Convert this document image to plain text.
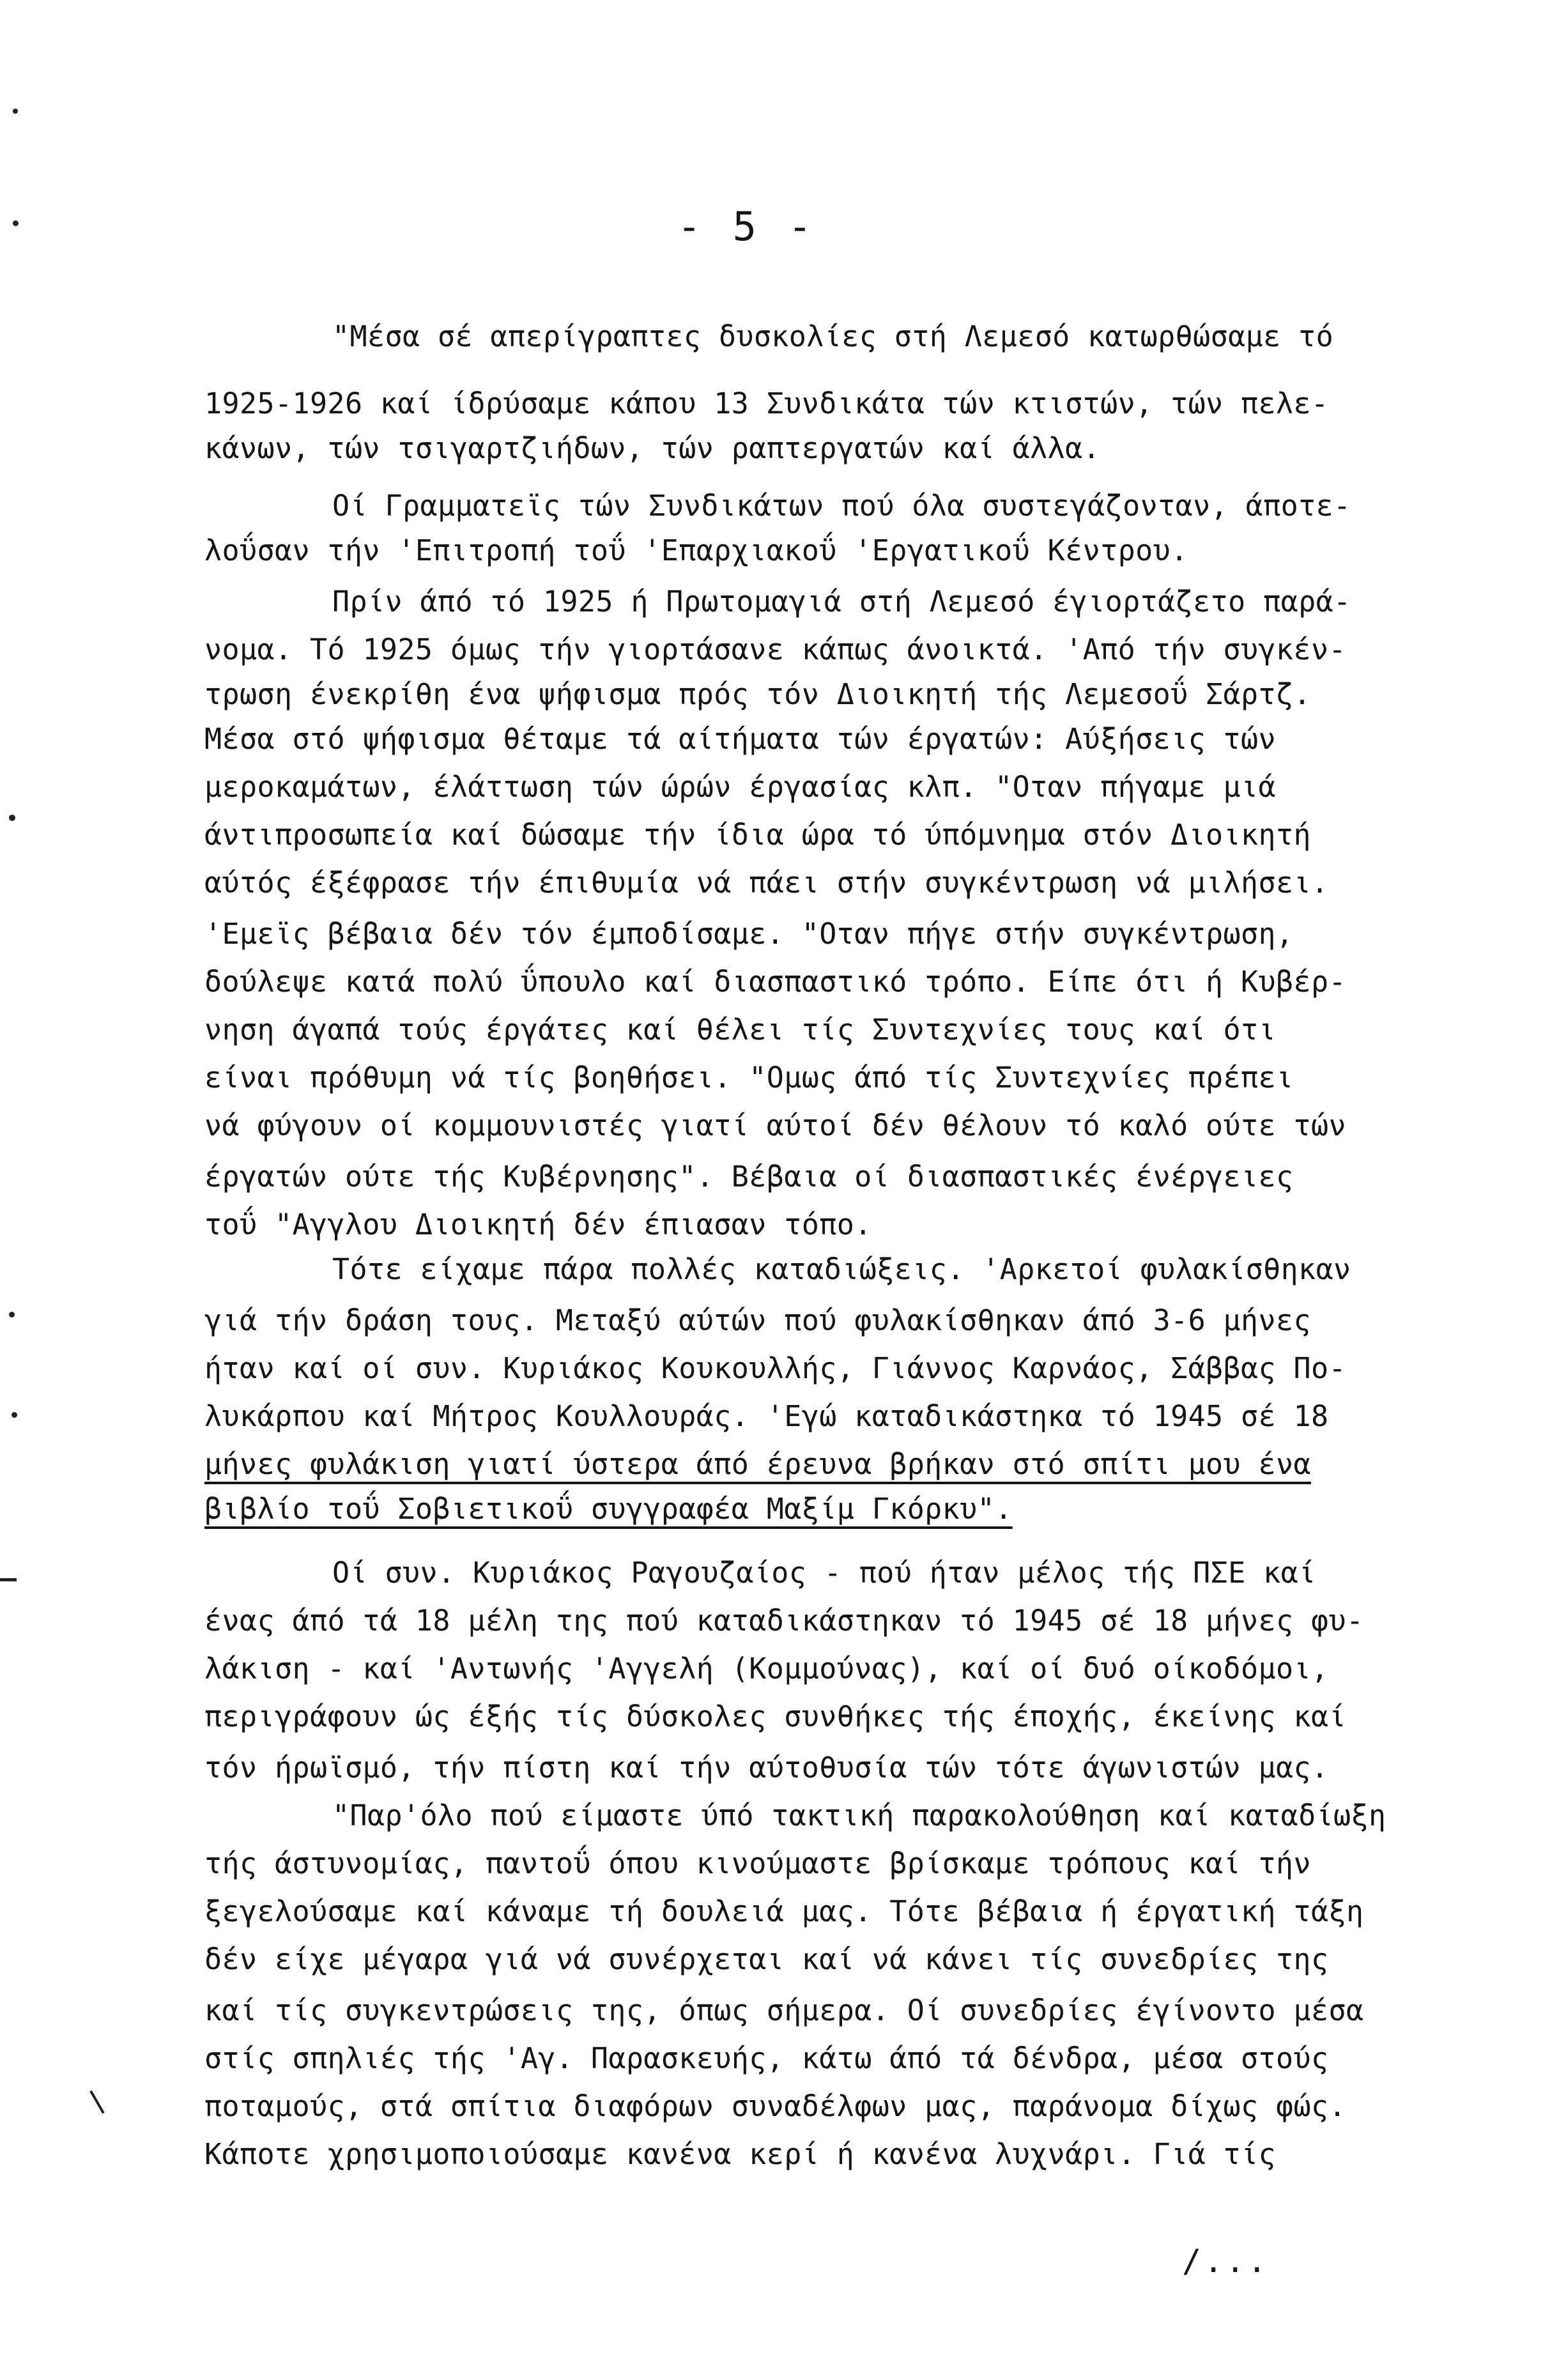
- 5 -
"Μέσα σέ απερίγραπτες δυσκολίες στή Λεμεσό κατωρθώσαμε τό
1925-1926 καί ίδρύσαμε κάπου 13 Συνδικάτα τών κτιστών, τών πελε-
κάνων, τών τσιγαρτζιήδων, τών ραπτεργατών καί άλλα.
Οί Γραμματεϊς τών Συνδικάτων πού όλα συστεγάζονταν, άποτε-
λοΰσαν τήν 'Επιτροπή τοΰ 'Επαρχιακοΰ 'Εργατικοΰ Κέντρου.
Πρίν άπό τό 1925 ή Πρωτομαγιά στή Λεμεσό έγιορτάζετο παρά-
νομα. Τό 1925 όμως τήν γιορτάσανε κάπως άνοικτά. 'Από τήν συγκέν-
τρωση ένεκρίθη ένα ψήφισμα πρός τόν Διοικητή τής Λεμεσοΰ Σάρτζ.
Μέσα στό ψήφισμα θέταμε τά αίτήματα τών έργατών: Αύξήσεις τών
μεροκαμάτων, έλάττωση τών ώρών έργασίας κλπ. "Οταν πήγαμε μιά
άντιπροσωπεία καί δώσαμε τήν ίδια ώρα τό ύπόμνημα στόν Διοικητή
αύτός έξέφρασε τήν έπιθυμία νά πάει στήν συγκέντρωση νά μιλήσει.
'Εμεϊς βέβαια δέν τόν έμποδίσαμε. "Οταν πήγε στήν συγκέντρωση,
δούλεψε κατά πολύ ΰπουλο καί διασπαστικό τρόπο. Είπε ότι ή Κυβέρ-
νηση άγαπά τούς έργάτες καί θέλει τίς Συντεχνίες τους καί ότι
είναι πρόθυμη νά τίς βοηθήσει. "Ομως άπό τίς Συντεχνίες πρέπει
νά φύγουν οί κομμουνιστές γιατί αύτοί δέν θέλουν τό καλό ούτε τών
έργατών ούτε τής Κυβέρνησης". Βέβαια οί διασπαστικές ένέργειες
τοΰ "Αγγλου Διοικητή δέν έπιασαν τόπο.
Τότε είχαμε πάρα πολλές καταδιώξεις. 'Αρκετοί φυλακίσθηκαν
γιά τήν δράση τους. Μεταξύ αύτών πού φυλακίσθηκαν άπό 3-6 μήνες
ήταν καί οί συν. Κυριάκος Κουκουλλής, Γιάννος Καρνάος, Σάββας Πο-
λυκάρπου καί Μήτρος Κουλλουράς. 'Εγώ καταδικάστηκα τό 1945 σέ 18
μήνες φυλάκιση γιατί ύστερα άπό έρευνα βρήκαν στό σπίτι μου ένα
βιβλίο τοΰ Σοβιετικοΰ συγγραφέα Μαξίμ Γκόρκυ".
Οί συν. Κυριάκος Ραγουζαίος - πού ήταν μέλος τής ΠΣΕ καί
ένας άπό τά 18 μέλη της πού καταδικάστηκαν τό 1945 σέ 18 μήνες φυ-
λάκιση - καί 'Αντωνής 'Αγγελή (Κομμούνας), καί οί δυό οίκοδόμοι,
περιγράφουν ώς έξής τίς δύσκολες συνθήκες τής έποχής, έκείνης καί
τόν ήρωϊσμό, τήν πίστη καί τήν αύτοθυσία τών τότε άγωνιστών μας.
"Παρ'όλο πού είμαστε ύπό τακτική παρακολούθηση καί καταδίωξη
τής άστυνομίας, παντοΰ όπου κινούμαστε βρίσκαμε τρόπους καί τήν
ξεγελούσαμε καί κάναμε τή δουλειά μας. Τότε βέβαια ή έργατική τάξη
δέν είχε μέγαρα γιά νά συνέρχεται καί νά κάνει τίς συνεδρίες της
καί τίς συγκεντρώσεις της, όπως σήμερα. Οί συνεδρίες έγίνοντο μέσα
στίς σπηλιές τής 'Αγ. Παρασκευής, κάτω άπό τά δένδρα, μέσα στούς
ποταμούς, στά σπίτια διαφόρων συναδέλφων μας, παράνομα δίχως φώς.
Κάποτε χρησιμοποιούσαμε κανένα κερί ή κανένα λυχνάρι. Γιά τίς
/...
